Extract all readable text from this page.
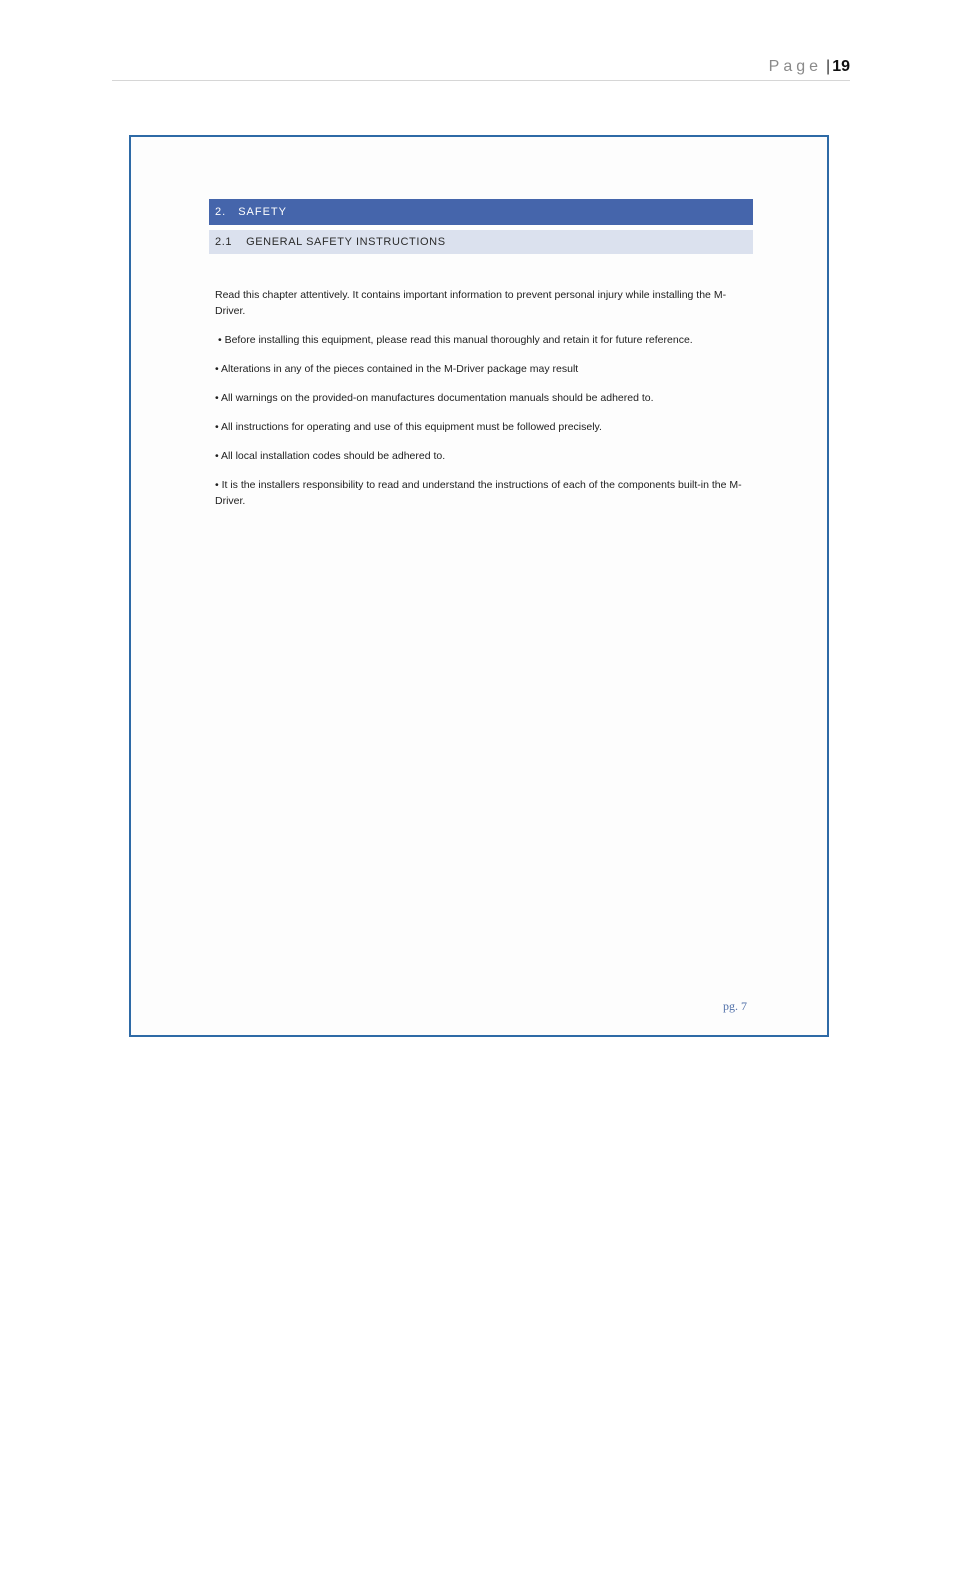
Page | 19
2. SAFETY
2.1 GENERAL SAFETY INSTRUCTIONS

Read this chapter attentively. It contains important information to prevent personal injury while installing the M-Driver.

• Before installing this equipment, please read this manual thoroughly and retain it for future reference.

• Alterations in any of the pieces contained in the M-Driver package may result

• All warnings on the provided-on manufactures documentation manuals should be adhered to.

• All instructions for operating and use of this equipment must be followed precisely.

• All local installation codes should be adhered to.

• It is the installers responsibility to read and understand the instructions of each of the components built-in the M-Driver.

pg. 7
